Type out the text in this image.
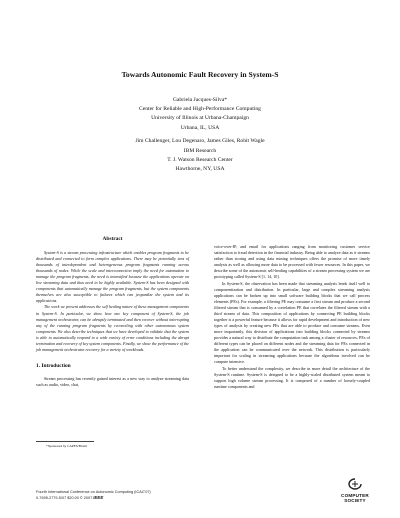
Towards Autonomic Fault Recovery in System-S
Gabriela Jacques-Silva*
Center for Reliable and High-Performance Computing
University of Illinois at Urbana-Champaign
Urbana, IL, USA
Jim Challenger, Lou Degenaro, James Giles, Rohit Wagle
IBM Research
T. J. Watson Research Center
Hawthorne, NY, USA
Abstract

System-S is a stream processing infrastructure which enables program fragments to be distributed and connected to form complex applications. There may be potentially tens of thousands of interdependent and heterogeneous program fragments running across thousands of nodes. While the scale and interconnection imply the need for automation to manage the program fragments, the need is intensified because the applications operate on live streaming data and thus need to be highly available. System-S has been designed with components that automatically manage the program fragments, but the system components themselves are also susceptible to failures which can jeopardize the system and its applications.

The work we present addresses the self healing nature of these management components in System-S. In particular, we show how one key component of System-S, the job management orchestrator, can be abruptly terminated and then recover without interrupting any of the running program fragments by reconciling with other autonomous system components. We also describe techniques that we have developed to validate that the system is able to automatically respond to a wide variety of error conditions including the abrupt termination and recovery of key system components. Finally, we show the performance of the job management orchestrator recovery for a variety of workloads.

1. Introduction

Stream processing has recently gained interest as a new way to analyze streaming data such as audio, video, chat,

voice-over-IP, and email for applications ranging from monitoring customer service satisfaction to fraud detection in the financial industry. Being able to analyze data as it streams rather than storing and using data mining techniques offers the promise of more timely analysis as well as allowing more data to be processed with fewer resources. In this paper, we describe some of the autonomic self-healing capabilities of a stream processing system we are prototyping called System-S [1, 14, 10].

In System-S, the observation has been made that streaming analysis lends itself well to componentization and distribution. In particular, large and complex streaming analysis applications can be broken up into small software building blocks that we call process elements (PEs). For example, a filtering PE may consume a first stream and produce a second filtered stream that is consumed by a correlation PE that correlates the filtered stream with a third stream of data. This composition of applications by connecting PE building blocks together is a powerful feature because it allows for rapid development and introduction of new types of analysis by creating new PEs that are able to produce and consume streams. Even more importantly, this division of applications into building blocks connected by streams provides a natural way to distribute the computation task among a cluster of resources; PEs of different types can be placed on different nodes and the streaming data for PEs connected in the application can be communicated over the network. This distribution is particularly important for scaling in streaming applications because the algorithms involved can be compute intensive.

To better understand the complexity, we describe in more detail the architecture of the System-S runtime. System-S is designed to be a highly-scaled distributed system meant to support high volume stream processing. It is composed of a number of loosely-coupled runtime components and

*Sponsored by CAPES/Brazil
Fourth International Conference on Autonomic Computing (ICAC'07)
0-7695-2779-5/07 $20.00 © 2007 IEEE	COMPUTER
SOCIETY
